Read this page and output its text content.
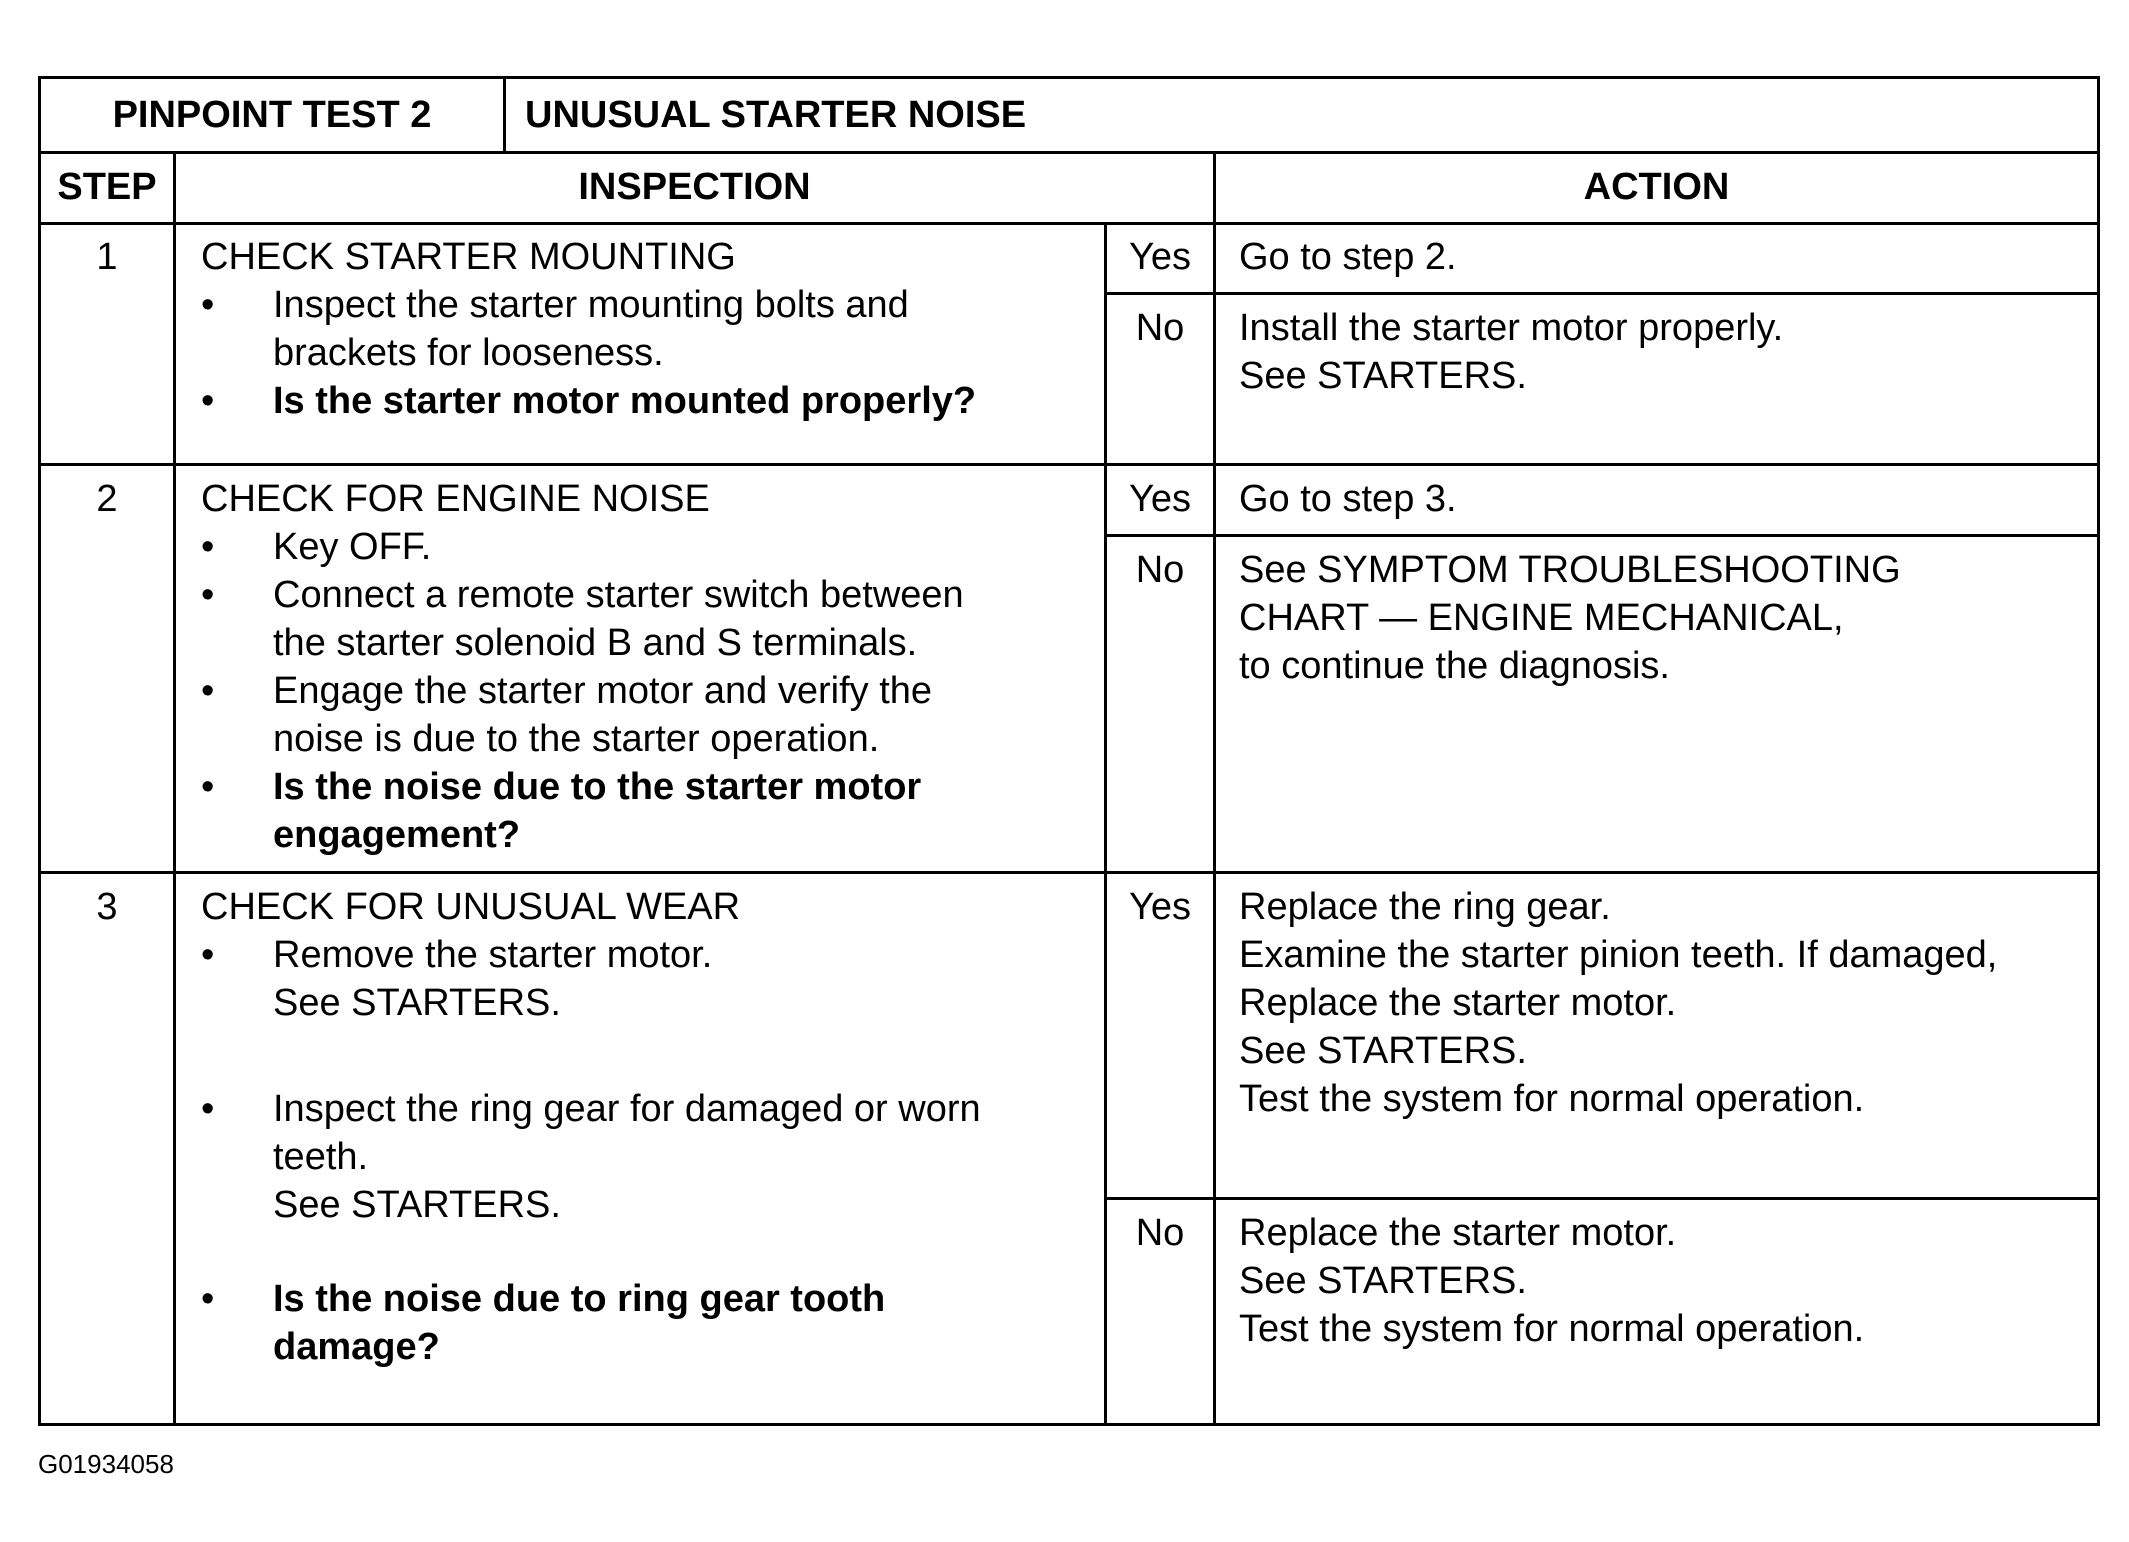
PINPOINT TEST 2	UNUSUAL STARTER NOISE
STEP	INSPECTION	ACTION
1	CHECK STARTER MOUNTING
•	Inspect the starter mounting bolts and
brackets for looseness.
•	Is the starter motor mounted properly?
Yes	Go to step 2.
No	Install the starter motor properly.
See STARTERS.
2	CHECK FOR ENGINE NOISE
•	Key OFF.
•	Connect a remote starter switch between
the starter solenoid B and S terminals.
•	Engage the starter motor and verify the
noise is due to the starter operation.
•	Is the noise due to the starter motor
engagement?
Yes	Go to step 3.
No	See SYMPTOM TROUBLESHOOTING
CHART — ENGINE MECHANICAL,
to continue the diagnosis.
3	CHECK FOR UNUSUAL WEAR
•	Remove the starter motor.
See STARTERS.
•	Inspect the ring gear for damaged or worn
teeth.
See STARTERS.
•	Is the noise due to ring gear tooth
damage?
Yes	Replace the ring gear.
Examine the starter pinion teeth. If damaged,
Replace the starter motor.
See STARTERS.
Test the system for normal operation.
No	Replace the starter motor.
See STARTERS.
Test the system for normal operation.
G01934058
